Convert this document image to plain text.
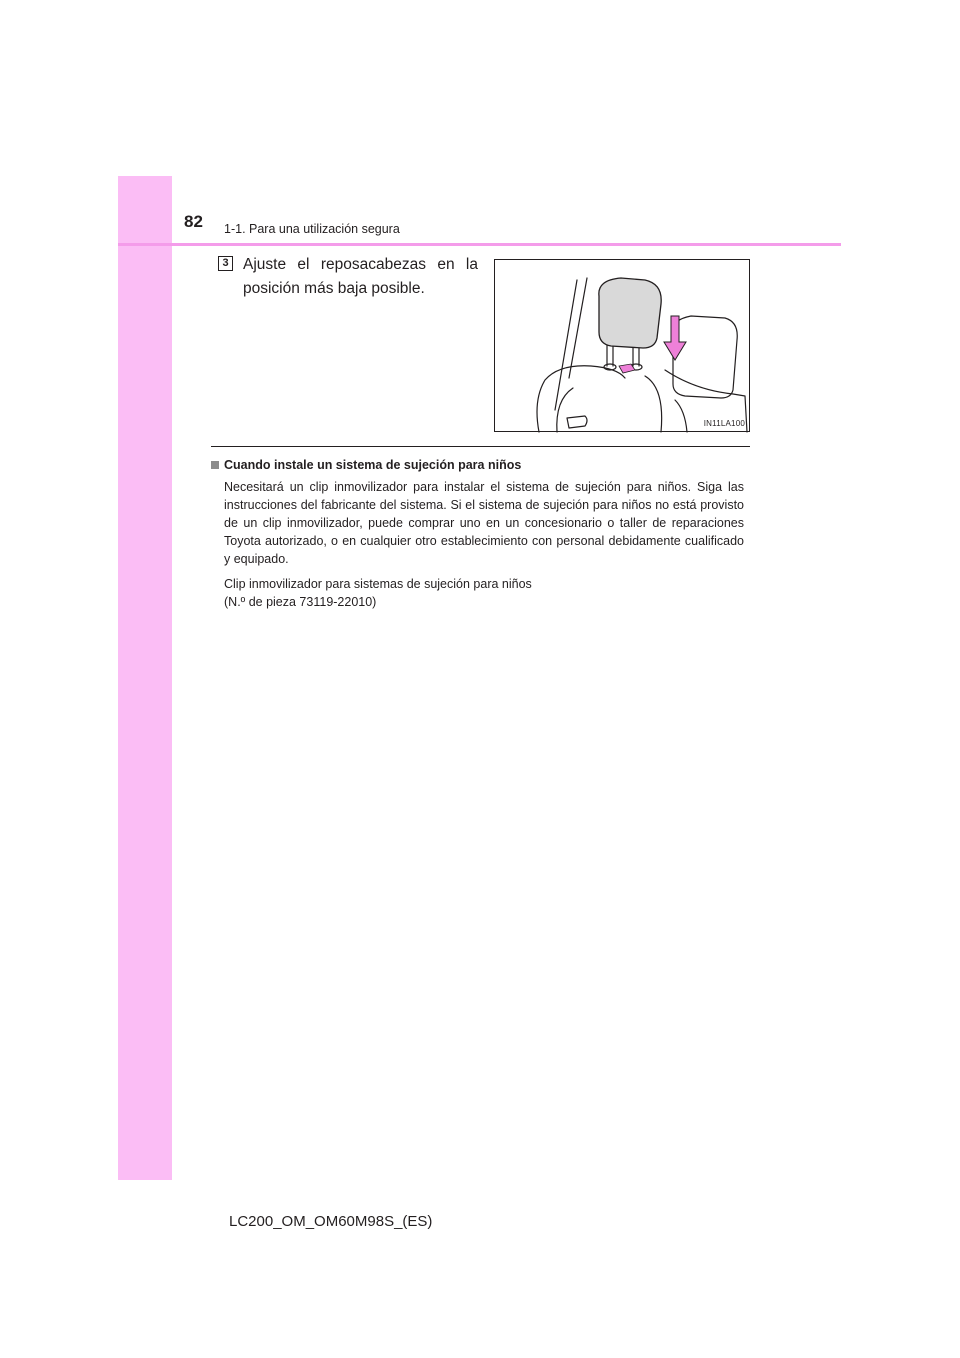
82 1-1. Para una utilización segura
3 Ajuste el reposacabezas en la
posición más baja posible.
IN11LA100
Cuando instale un sistema de sujeción para niños

Necesitará un clip inmovilizador para instalar el sistema de sujeción para niños. Siga las instrucciones del fabricante del sistema. Si el sistema de sujeción para niños no está provisto de un clip inmovilizador, puede comprar uno en un concesionario o taller de reparaciones Toyota autorizado, o en cualquier otro establecimiento con personal debidamente cualificado y equipado.

Clip inmovilizador para sistemas de sujeción para niños
(N.º de pieza 73119-22010)

LC200_OM_OM60M98S_(ES)
